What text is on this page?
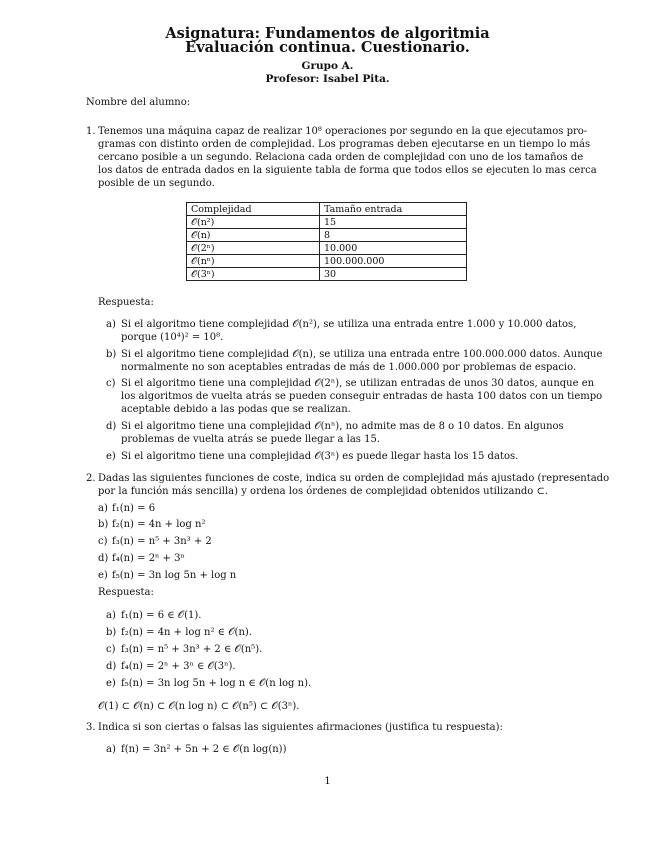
Asignatura: Fundamentos de algoritmia
Evaluación continua. Cuestionario.
Grupo A.
Profesor: Isabel Pita.
Nombre del alumno:
1. Tenemos una máquina capaz de realizar 10⁸ operaciones por segundo en la que ejecutamos pro-
gramas con distinto orden de complejidad. Los programas deben ejecutarse en un tiempo lo más
cercano posible a un segundo. Relaciona cada orden de complejidad con uno de los tamaños de
los datos de entrada dados en la siguiente tabla de forma que todos ellos se ejecuten lo mas cerca
posible de un segundo.
Complejidad	Tamaño entrada
𝒪(n²)	15
𝒪(n)	8
𝒪(2ⁿ)	10.000
𝒪(nⁿ)	100.000.000
𝒪(3ⁿ)	30
Respuesta:
a) Si el algoritmo tiene complejidad 𝒪(n²), se utiliza una entrada entre 1.000 y 10.000 datos,
porque (10⁴)² = 10⁸.
b) Si el algoritmo tiene complejidad 𝒪(n), se utiliza una entrada entre 100.000.000 datos. Aunque
normalmente no son aceptables entradas de más de 1.000.000 por problemas de espacio.
c) Si el algoritmo tiene una complejidad 𝒪(2ⁿ), se utilizan entradas de unos 30 datos, aunque en
los algoritmos de vuelta atrás se pueden conseguir entradas de hasta 100 datos con un tiempo
aceptable debido a las podas que se realizan.
d) Si el algoritmo tiene una complejidad 𝒪(nⁿ), no admite mas de 8 o 10 datos. En algunos
problemas de vuelta atrás se puede llegar a las 15.
e) Si el algoritmo tiene una complejidad 𝒪(3ⁿ) es puede llegar hasta los 15 datos.
2. Dadas las siguientes funciones de coste, indica su orden de complejidad más ajustado (representado
por la función más sencilla) y ordena los órdenes de complejidad obtenidos utilizando ⊂.
a) f₁(n) = 6
b) f₂(n) = 4n + log n²
c) f₃(n) = n⁵ + 3n³ + 2
d) f₄(n) = 2ⁿ + 3ⁿ
e) f₅(n) = 3n log 5n + log n
Respuesta:
a) f₁(n) = 6 ∈ 𝒪(1).
b) f₂(n) = 4n + log n² ∈ 𝒪(n).
c) f₃(n) = n⁵ + 3n³ + 2 ∈ 𝒪(n⁵).
d) f₄(n) = 2ⁿ + 3ⁿ ∈ 𝒪(3ⁿ).
e) f₅(n) = 3n log 5n + log n ∈ 𝒪(n log n).
𝒪(1) ⊂ 𝒪(n) ⊂ 𝒪(n log n) ⊂ 𝒪(n⁵) ⊂ 𝒪(3ⁿ).
3. Indica si son ciertas o falsas las siguientes afirmaciones (justifica tu respuesta):
a) f(n) = 3n² + 5n + 2 ∈ 𝒪(n log(n))
1
